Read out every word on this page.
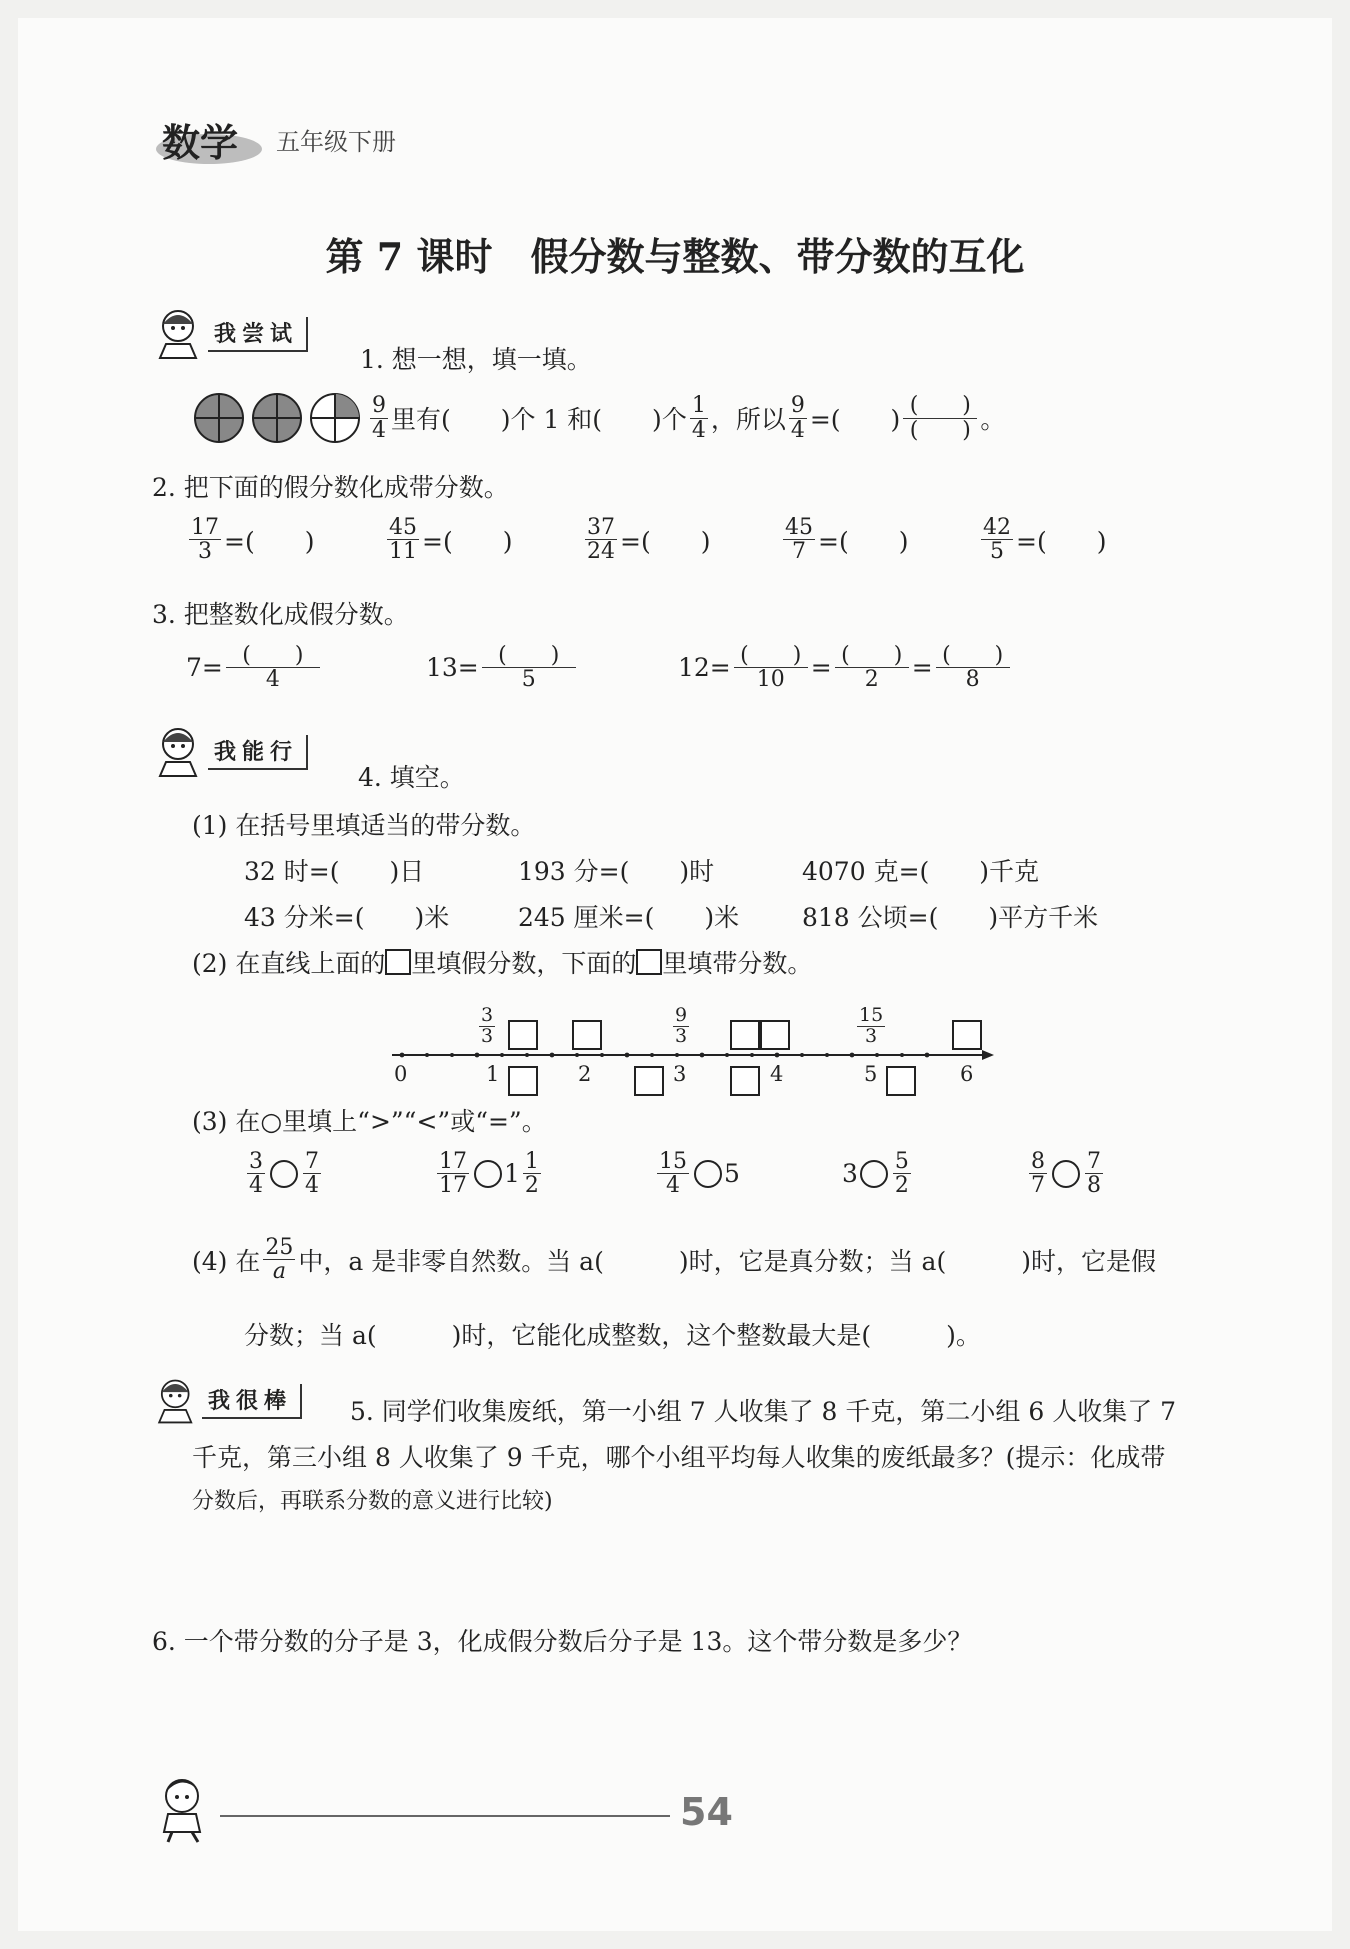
数学 五年级下册
第 7 课时　假分数与整数、带分数的互化
我尝试
1. 想一想，填一填。
$\frac{9}{4}$ 里有(　　)个 1 和(　　)个 $\frac{1}{4}$ ，所以 $\frac{9}{4}$ =(　　) $\frac{( )}{( )}$ 。
2. 把下面的假分数化成带分数。
$\frac{17}{3}$ =(　　)	$\frac{45}{11}$ =(　　)	$\frac{37}{24}$ =(　　)	$\frac{45}{7}$ =(　　)	$\frac{42}{5}$ =(　　)
3. 把整数化成假分数。
$7= \frac{( )}{4}$	$13= \frac{( )}{5}$	$12= \frac{( )}{10} = \frac{( )}{2} = \frac{( )}{8}$
我能行
4. 填空。
(1) 在括号里填适当的带分数。
32 时=(　　)日	193 分=(　　)时	4070 克=(　　)千克
43 分米=(　　)米	245 厘米=(　　)米	818 公顷=(　　)平方千米
(2) 在直线上面的 里填假分数，下面的 里填带分数。
0	1	2	3	4	5	6
$\frac{3}{3}$	$\frac{9}{3}$	$\frac{15}{3}$
(3) 在○里填上“>”“<”或“=”。
$\frac{3}{4} \frac{7}{4}$	$\frac{17}{17} 1 \frac{1}{2}$	$\frac{15}{4} 5$	$3 \frac{5}{2}$	$\frac{8}{7} \frac{7}{8}$
(4) 在 $\frac{25}{a}$ 中，a 是非零自然数。当 a(　　　)时，它是真分数；当 a(　　　)时，它是假
分数；当 a(　　　)时，它能化成整数，这个整数最大是(　　　)。
我很棒	5. 同学们收集废纸，第一小组 7 人收集了 8 千克，第二小组 6 人收集了 7
千克，第三小组 8 人收集了 9 千克，哪个小组平均每人收集的废纸最多？(提示：化成带
分数后，再联系分数的意义进行比较)
6. 一个带分数的分子是 3，化成假分数后分子是 13。这个带分数是多少？
54
